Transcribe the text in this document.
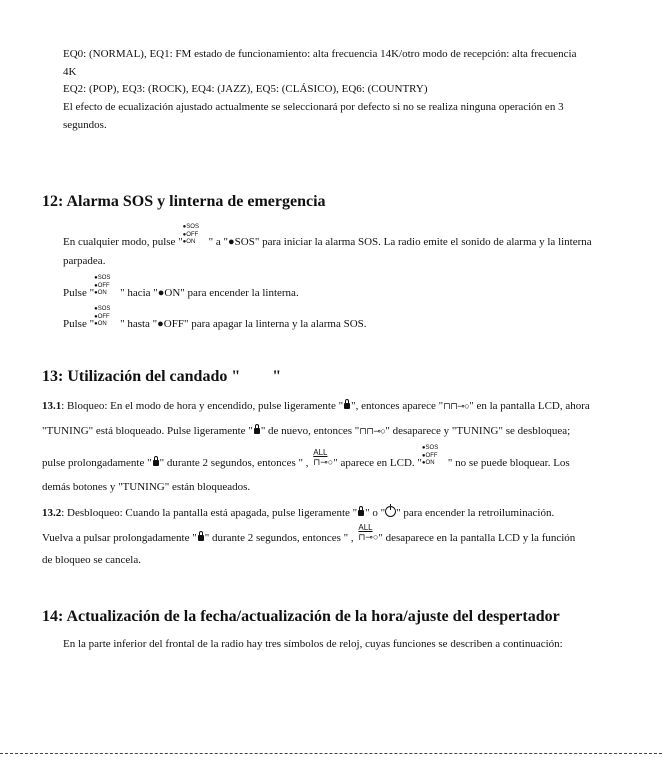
EQ0: (NORMAL), EQ1: FM estado de funcionamiento: alta frecuencia 14K/otro modo de recepción: alta frecuencia
4K
EQ2: (POP), EQ3: (ROCK), EQ4: (JAZZ), EQ5: (CLÁSICO), EQ6: (COUNTRY)
El efecto de ecualización ajustado actualmente se seleccionará por defecto si no se realiza ninguna operación en 3
segundos.
12: Alarma SOS y linterna de emergencia
En cualquier modo, pulse "
●SOS
●OFF
●ON " a "●SOS" para iniciar la alarma SOS. La radio emite el sonido de alarma y la linterna
parpadea.
Pulse "
●SOS
●OFF
●ON " hacia "●ON" para encender la linterna.
Pulse "
●SOS
●OFF
●ON " hasta "●OFF" para apagar la linterna y la alarma SOS.
13: Utilización del candado " "
13.1: Bloqueo: En el modo de hora y encendido, pulse ligeramente " ", entonces aparece "⊓⊓⊸○" en la pantalla LCD, ahora
"TUNING" está bloqueado. Pulse ligeramente " " de nuevo, entonces "⊓⊓⊸○" desaparece y "TUNING" se desbloquea;
pulse prolongadamente " " durante 2 segundos, entonces " ,
ALL
⊓⊸○ " aparece en LCD. "
●SOS
●OFF
●ON " no se puede bloquear. Los
demás botones y "TUNING" están bloqueados.
13.2: Desbloqueo: Cuando la pantalla está apagada, pulse ligeramente " " o " " para encender la retroiluminación.
Vuelva a pulsar prolongadamente " " durante 2 segundos, entonces " ,
ALL
⊓⊸○ " desaparece en la pantalla LCD y la función
de bloqueo se cancela.
14: Actualización de la fecha/actualización de la hora/ajuste del despertador
En la parte inferior del frontal de la radio hay tres símbolos de reloj, cuyas funciones se describen a continuación:
